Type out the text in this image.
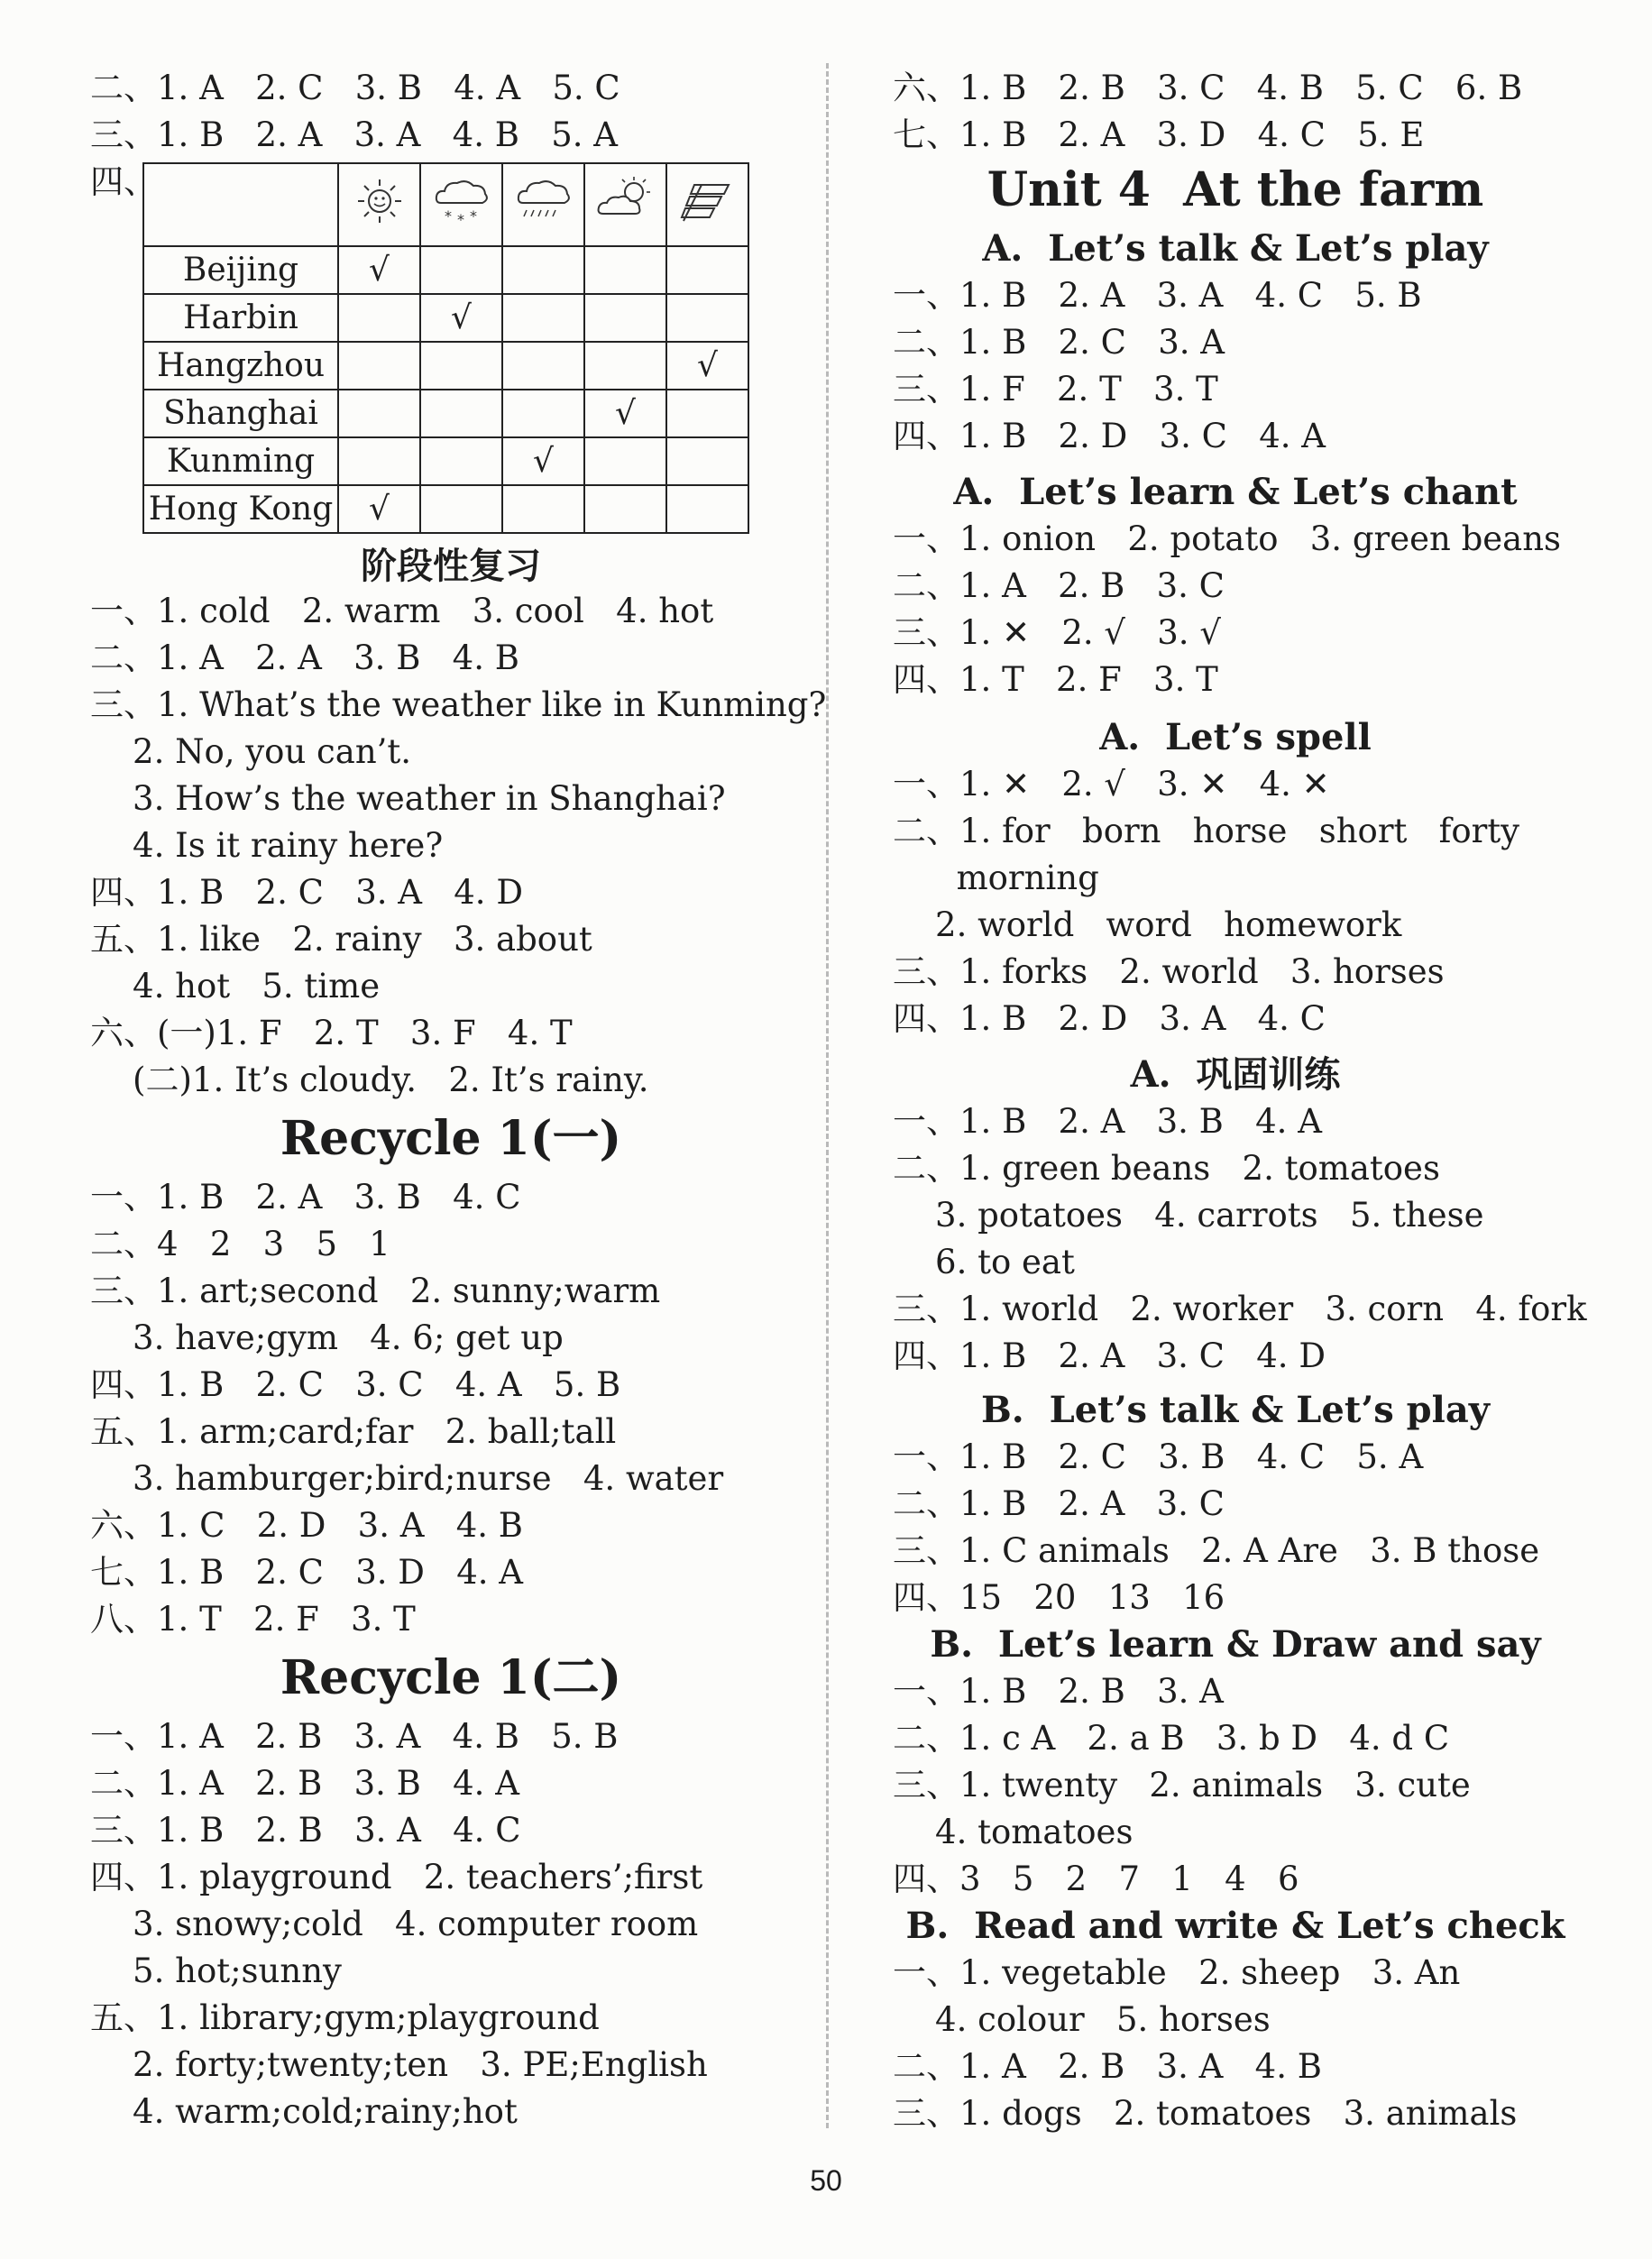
二、1. A   2. C   3. B   4. A   5. C
三、1. B   2. A   3. A   4. B   5. A
四、

* * *

Beijing	√				
Harbin		√			
Hangzhou					√
Shanghai				√	
Kunming			√		
Hong Kong	√				
阶段性复习
一、1. cold   2. warm   3. cool   4. hot
二、1. A   2. A   3. B   4. B
三、1. What’s the weather like in Kunming?
2. No, you can’t.
3. How’s the weather in Shanghai?
4. Is it rainy here?
四、1. B   2. C   3. A   4. D
五、1. like   2. rainy   3. about
4. hot   5. time
六、(一)1. F   2. T   3. F   4. T
(二)1. It’s cloudy.   2. It’s rainy.
Recycle 1(一)
一、1. B   2. A   3. B   4. C
二、4   2   3   5   1
三、1. art;second   2. sunny;warm
3. have;gym   4. 6; get up
四、1. B   2. C   3. C   4. A   5. B
五、1. arm;card;far   2. ball;tall
3. hamburger;bird;nurse   4. water
六、1. C   2. D   3. A   4. B
七、1. B   2. C   3. D   4. A
八、1. T   2. F   3. T
Recycle 1(二)
一、1. A   2. B   3. A   4. B   5. B
二、1. A   2. B   3. B   4. A
三、1. B   2. B   3. A   4. C
四、1. playground   2. teachers’;first
3. snowy;cold   4. computer room
5. hot;sunny
五、1. library;gym;playground
2. forty;twenty;ten   3. PE;English
4. warm;cold;rainy;hot
六、1. B   2. B   3. C   4. B   5. C   6. B
七、1. B   2. A   3. D   4. C   5. E
Unit 4  At the farm
A.  Let’s talk & Let’s play
一、1. B   2. A   3. A   4. C   5. B
二、1. B   2. C   3. A
三、1. F   2. T   3. T
四、1. B   2. D   3. C   4. A
A.  Let’s learn & Let’s chant
一、1. onion   2. potato   3. green beans
二、1. A   2. B   3. C
三、1. ✕   2. √   3. √
四、1. T   2. F   3. T
A.  Let’s spell
一、1. ✕   2. √   3. ✕   4. ✕
二、1. for   born   horse   short   forty
morning
2. world   word   homework
三、1. forks   2. world   3. horses
四、1. B   2. D   3. A   4. C
A.  巩固训练
一、1. B   2. A   3. B   4. A
二、1. green beans   2. tomatoes
3. potatoes   4. carrots   5. these
6. to eat
三、1. world   2. worker   3. corn   4. fork
四、1. B   2. A   3. C   4. D
B.  Let’s talk & Let’s play
一、1. B   2. C   3. B   4. C   5. A
二、1. B   2. A   3. C
三、1. C animals   2. A Are   3. B those
四、15   20   13   16
B.  Let’s learn & Draw and say
一、1. B   2. B   3. A
二、1. c A   2. a B   3. b D   4. d C
三、1. twenty   2. animals   3. cute
4. tomatoes
四、3   5   2   7   1   4   6
B.  Read and write & Let’s check
一、1. vegetable   2. sheep   3. An
4. colour   5. horses
二、1. A   2. B   3. A   4. B
三、1. dogs   2. tomatoes   3. animals
50
